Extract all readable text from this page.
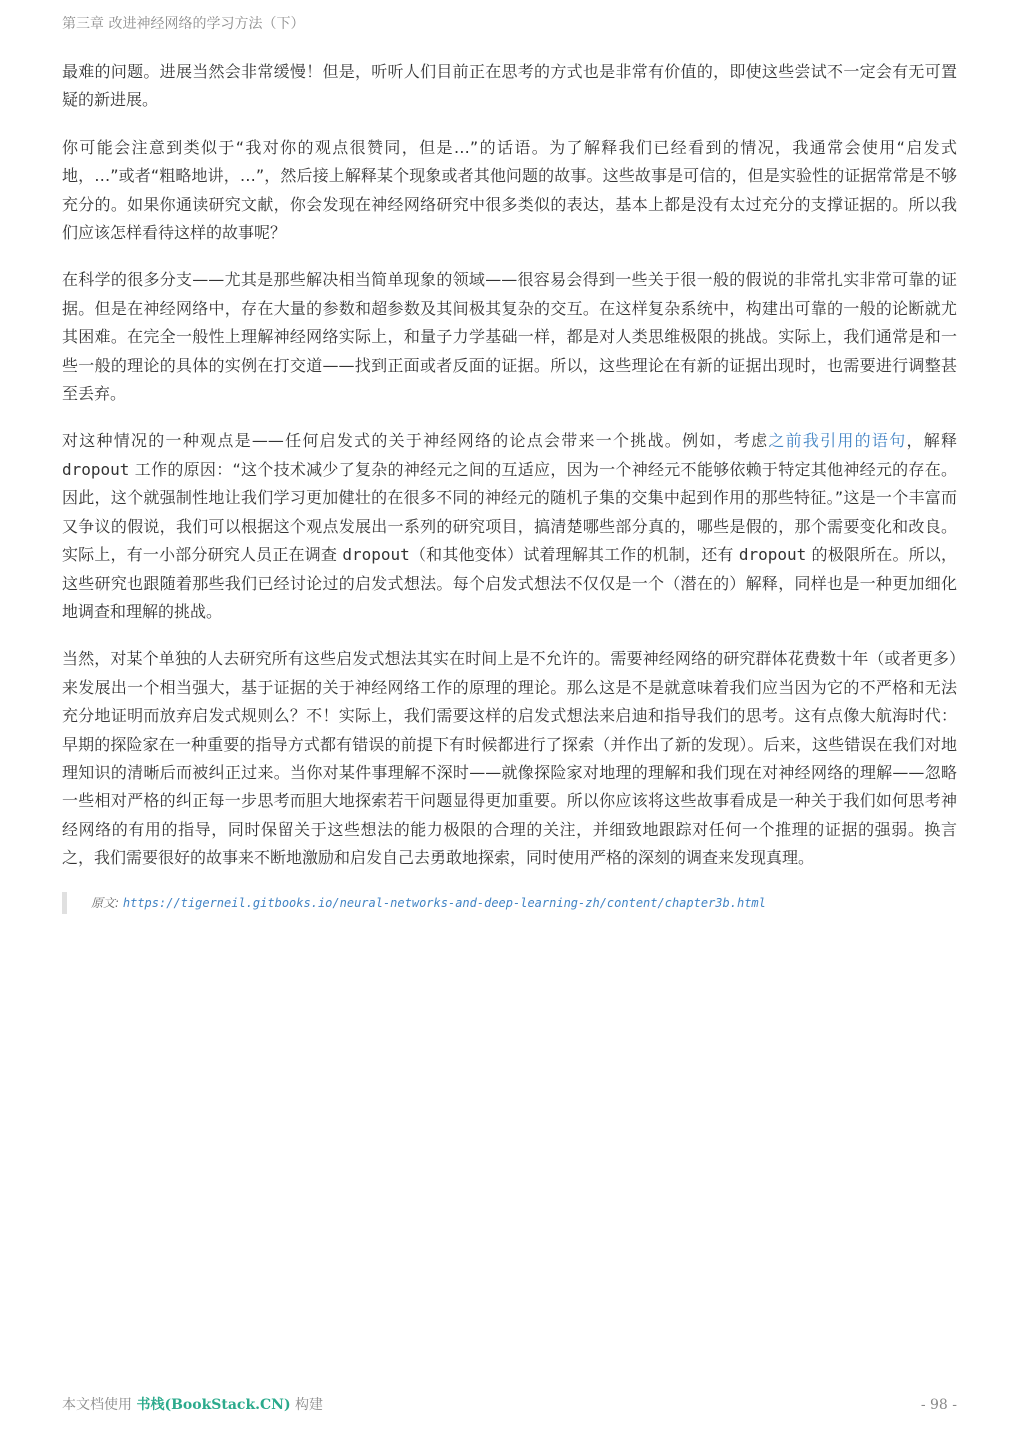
第三章 改进神经网络的学习方法（下）

最难的问题。进展当然会非常缓慢！但是，听听人们目前正在思考的方式也是非常有价值的，即使这些尝试不一定会有无可置疑的新进展。

你可能会注意到类似于“我对你的观点很赞同，但是…”的话语。为了解释我们已经看到的情况，我通常会使用“启发式地，…”或者“粗略地讲，…”，然后接上解释某个现象或者其他问题的故事。这些故事是可信的，但是实验性的证据常常是不够充分的。如果你通读研究文献，你会发现在神经网络研究中很多类似的表达，基本上都是没有太过充分的支撑证据的。所以我们应该怎样看待这样的故事呢？

在科学的很多分支——尤其是那些解决相当简单现象的领域——很容易会得到一些关于很一般的假说的非常扎实非常可靠的证据。但是在神经网络中，存在大量的参数和超参数及其间极其复杂的交互。在这样复杂系统中，构建出可靠的一般的论断就尤其困难。在完全一般性上理解神经网络实际上，和量子力学基础一样，都是对人类思维极限的挑战。实际上，我们通常是和一些一般的理论的具体的实例在打交道——找到正面或者反面的证据。所以，这些理论在有新的证据出现时，也需要进行调整甚至丢弃。

对这种情况的一种观点是——任何启发式的关于神经网络的论点会带来一个挑战。例如，考虑之前我引用的语句，解释dropout 工作的原因：“这个技术减少了复杂的神经元之间的互适应，因为一个神经元不能够依赖于特定其他神经元的存在。因此，这个就强制性地让我们学习更加健壮的在很多不同的神经元的随机子集的交集中起到作用的那些特征。”这是一个丰富而又争议的假说，我们可以根据这个观点发展出一系列的研究项目，搞清楚哪些部分真的，哪些是假的，那个需要变化和改良。实际上，有一小部分研究人员正在调查 dropout（和其他变体）试着理解其工作的机制，还有 dropout 的极限所在。所以，这些研究也跟随着那些我们已经讨论过的启发式想法。每个启发式想法不仅仅是一个（潜在的）解释，同样也是一种更加细化地调查和理解的挑战。

当然，对某个单独的人去研究所有这些启发式想法其实在时间上是不允许的。需要神经网络的研究群体花费数十年（或者更多）来发展出一个相当强大，基于证据的关于神经网络工作的原理的理论。那么这是不是就意味着我们应当因为它的不严格和无法充分地证明而放弃启发式规则么？不！实际上，我们需要这样的启发式想法来启迪和指导我们的思考。这有点像大航海时代：早期的探险家在一种重要的指导方式都有错误的前提下有时候都进行了探索（并作出了新的发现）。后来，这些错误在我们对地理知识的清晰后而被纠正过来。当你对某件事理解不深时——就像探险家对地理的理解和我们现在对神经网络的理解——忽略一些相对严格的纠正每一步思考而胆大地探索若干问题显得更加重要。所以你应该将这些故事看成是一种关于我们如何思考神经网络的有用的指导，同时保留关于这些想法的能力极限的合理的关注，并细致地跟踪对任何一个推理的证据的强弱。换言之，我们需要很好的故事来不断地激励和启发自己去勇敢地探索，同时使用严格的深刻的调查来发现真理。

原文: https://tigerneil.gitbooks.io/neural-networks-and-deep-learning-zh/content/chapter3b.html
本文档使用 书栈(BookStack.CN) 构建	- 98 -
